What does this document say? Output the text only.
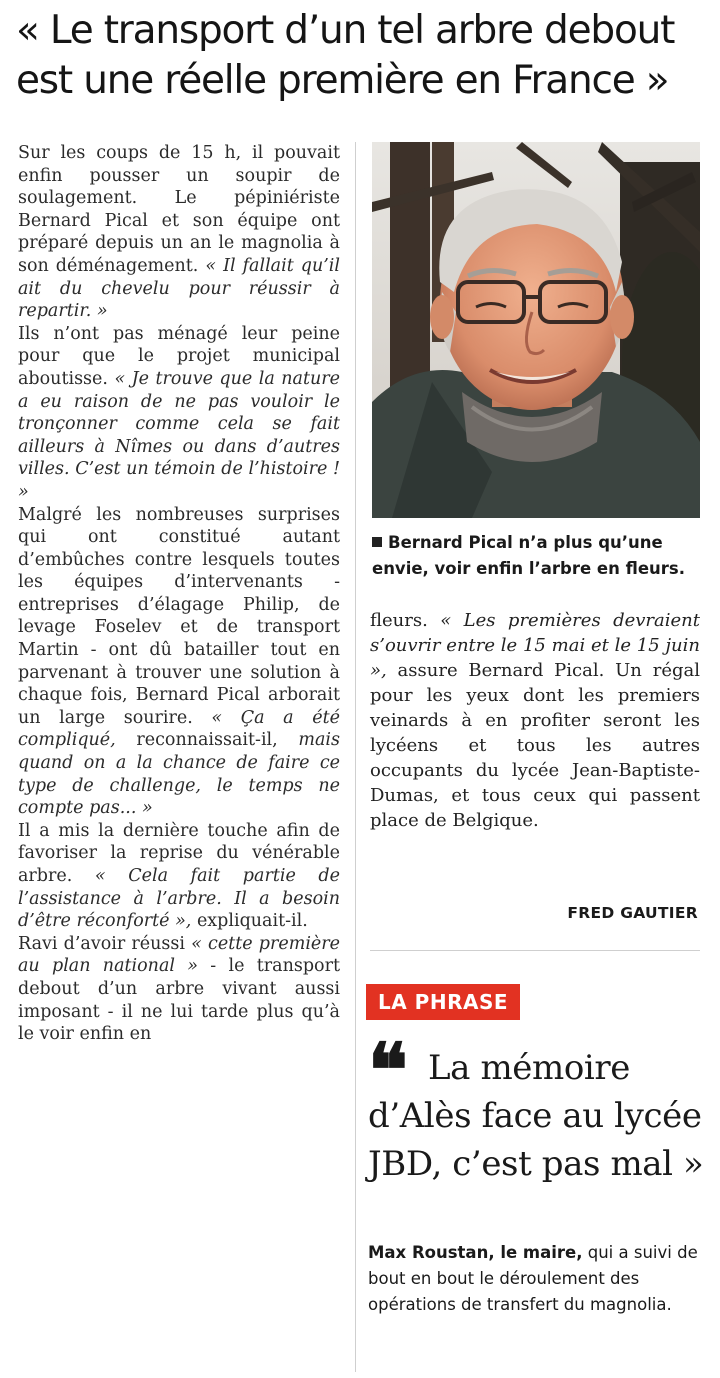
« Le transport d’un tel arbre debout est une réelle première en France »

Sur les coups de 15 h, il pouvait enfin pousser un soupir de soulagement. Le pépiniériste Bernard Pical et son équipe ont préparé depuis un an le magnolia à son déménagement. « Il fallait qu’il ait du chevelu pour réussir à repartir. »

Ils n’ont pas ménagé leur peine pour que le projet municipal aboutisse. « Je trouve que la nature a eu raison de ne pas vouloir le tronçonner comme cela se fait ailleurs à Nîmes ou dans d’autres villes. C’est un témoin de l’histoire ! »

Malgré les nombreuses surprises qui ont constitué autant d’embûches contre lesquels toutes les équipes d’intervenants - entreprises d’élagage Philip, de levage Foselev et de transport Martin - ont dû batailler tout en parvenant à trouver une solution à chaque fois, Bernard Pical arborait un large sourire. « Ça a été compliqué, reconnaissait-il, mais quand on a la chance de faire ce type de challenge, le temps ne compte pas... »

Il a mis la dernière touche afin de favoriser la reprise du vénérable arbre. « Cela fait partie de l’assistance à l’arbre. Il a besoin d’être réconforté », expliquait-il.

Ravi d’avoir réussi « cette première au plan national » - le transport debout d’un arbre vivant aussi imposant - il ne lui tarde plus qu’à le voir enfin en

Bernard Pical n’a plus qu’une envie, voir enfin l’arbre en fleurs.

fleurs. « Les premières devraient s’ouvrir entre le 15 mai et le 15 juin », assure Bernard Pical. Un régal pour les yeux dont les premiers veinards à en profiter seront les lycéens et tous les autres occupants du lycée Jean-Baptiste-Dumas, et tous ceux qui passent place de Belgique.

FRED GAUTIER
LA PHRASE
❝ La mémoire d’Alès face au lycée JBD, c’est pas mal »
Max Roustan, le maire, qui a suivi de bout en bout le déroulement des opérations de transfert du magnolia.
